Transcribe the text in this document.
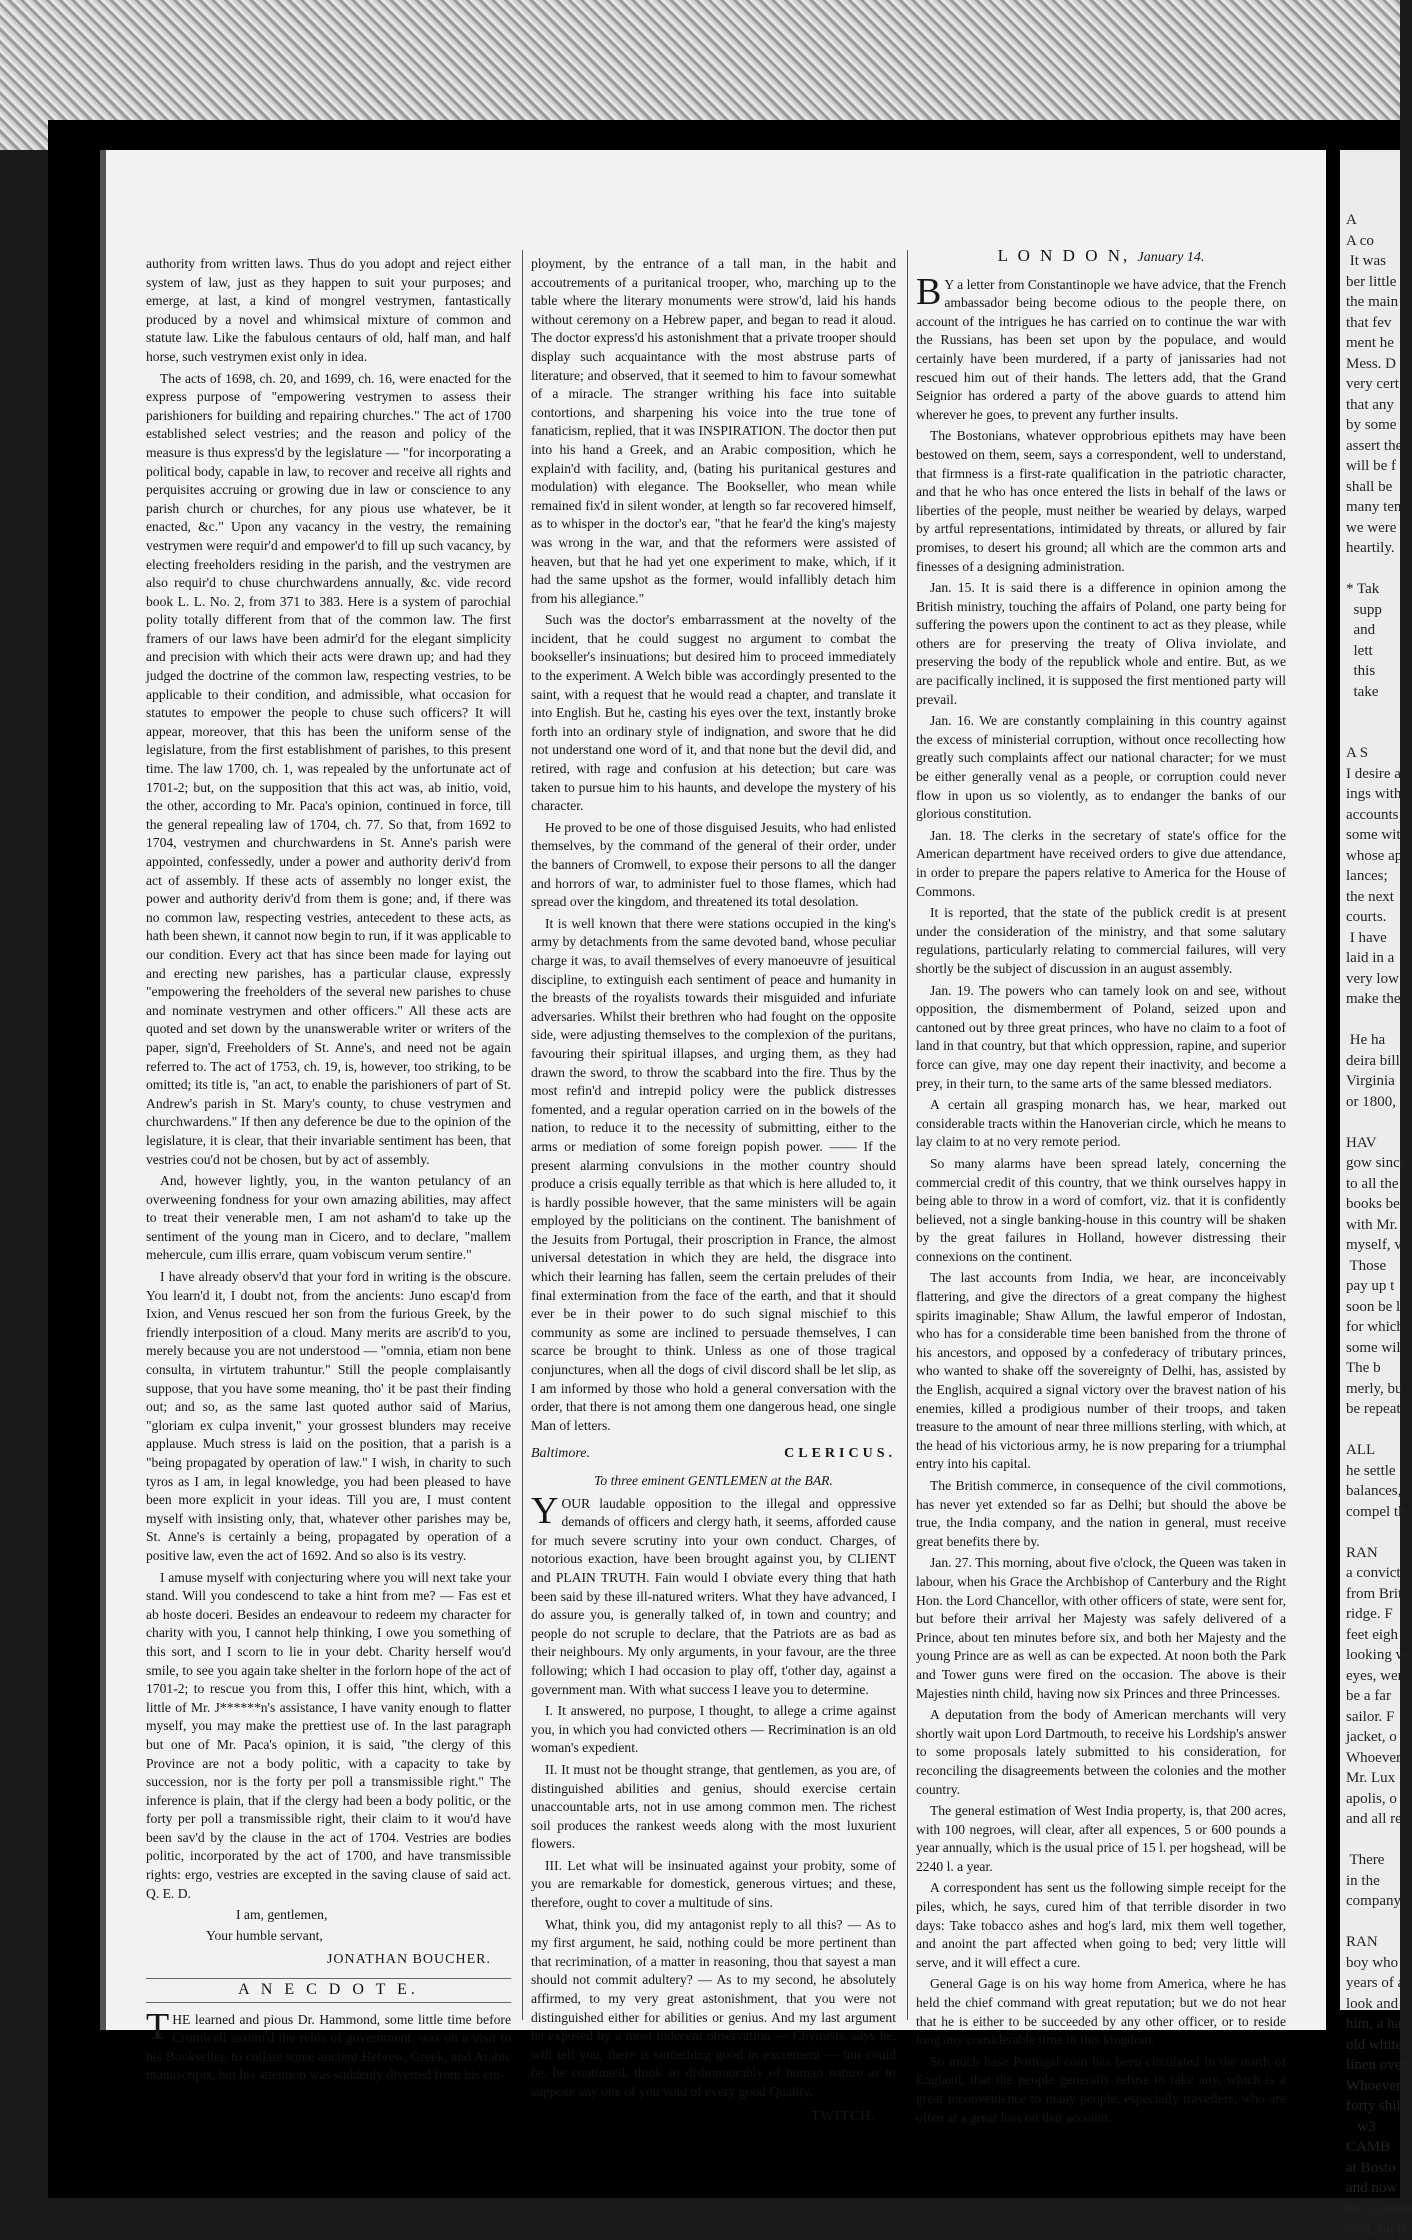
authority from written laws. Thus do you adopt and reject either system of law, just as they happen to suit your purposes; and emerge, at last, a kind of mongrel vestrymen, fantastically produced by a novel and whimsical mixture of common and statute law. Like the fabulous centaurs of old, half man, and half horse, such vestrymen exist only in idea.

The acts of 1698, ch. 20, and 1699, ch. 16, were enacted for the express purpose of "empowering vestrymen to assess their parishioners for building and repairing churches." The act of 1700 established select vestries; and the reason and policy of the measure is thus express'd by the legislature — "for incorporating a political body, capable in law, to recover and receive all rights and perquisites accruing or growing due in law or conscience to any parish church or churches, for any pious use whatever, be it enacted, &c." Upon any vacancy in the vestry, the remaining vestrymen were requir'd and empower'd to fill up such vacancy, by electing freeholders residing in the parish, and the vestrymen are also requir'd to chuse churchwardens annually, &c. vide record book L. L. No. 2, from 371 to 383. Here is a system of parochial polity totally different from that of the common law. The first framers of our laws have been admir'd for the elegant simplicity and precision with which their acts were drawn up; and had they judged the doctrine of the common law, respecting vestries, to be applicable to their condition, and admissible, what occasion for statutes to empower the people to chuse such officers? It will appear, moreover, that this has been the uniform sense of the legislature, from the first establishment of parishes, to this present time. The law 1700, ch. 1, was repealed by the unfortunate act of 1701-2; but, on the supposition that this act was, ab initio, void, the other, according to Mr. Paca's opinion, continued in force, till the general repealing law of 1704, ch. 77. So that, from 1692 to 1704, vestrymen and churchwardens in St. Anne's parish were appointed, confessedly, under a power and authority deriv'd from act of assembly. If these acts of assembly no longer exist, the power and authority deriv'd from them is gone; and, if there was no common law, respecting vestries, antecedent to these acts, as hath been shewn, it cannot now begin to run, if it was applicable to our condition. Every act that has since been made for laying out and erecting new parishes, has a particular clause, expressly "empowering the freeholders of the several new parishes to chuse and nominate vestrymen and other officers." All these acts are quoted and set down by the unanswerable writer or writers of the paper, sign'd, Freeholders of St. Anne's, and need not be again referred to. The act of 1753, ch. 19, is, however, too striking, to be omitted; its title is, "an act, to enable the parishioners of part of St. Andrew's parish in St. Mary's county, to chuse vestrymen and churchwardens." If then any deference be due to the opinion of the legislature, it is clear, that their invariable sentiment has been, that vestries cou'd not be chosen, but by act of assembly.

And, however lightly, you, in the wanton petulancy of an overweening fondness for your own amazing abilities, may affect to treat their venerable men, I am not asham'd to take up the sentiment of the young man in Cicero, and to declare, "mallem mehercule, cum illis errare, quam vobiscum verum sentire."

I have already observ'd that your ford in writing is the obscure. You learn'd it, I doubt not, from the ancients: Juno escap'd from Ixion, and Venus rescued her son from the furious Greek, by the friendly interposition of a cloud. Many merits are ascrib'd to you, merely because you are not understood — "omnia, etiam non bene consulta, in virtutem trahuntur." Still the people complaisantly suppose, that you have some meaning, tho' it be past their finding out; and so, as the same last quoted author said of Marius, "gloriam ex culpa invenit," your grossest blunders may receive applause. Much stress is laid on the position, that a parish is a "being propagated by operation of law." I wish, in charity to such tyros as I am, in legal knowledge, you had been pleased to have been more explicit in your ideas. Till you are, I must content myself with insisting only, that, whatever other parishes may be, St. Anne's is certainly a being, propagated by operation of a positive law, even the act of 1692. And so also is its vestry.

I amuse myself with conjecturing where you will next take your stand. Will you condescend to take a hint from me? — Fas est et ab hoste doceri. Besides an endeavour to redeem my character for charity with you, I cannot help thinking, I owe you something of this sort, and I scorn to lie in your debt. Charity herself wou'd smile, to see you again take shelter in the forlorn hope of the act of 1701-2; to rescue you from this, I offer this hint, which, with a little of Mr. J******n's assistance, I have vanity enough to flatter myself, you may make the prettiest use of. In the last paragraph but one of Mr. Paca's opinion, it is said, "the clergy of this Province are not a body politic, with a capacity to take by succession, nor is the forty per poll a transmissible right." The inference is plain, that if the clergy had been a body politic, or the forty per poll a transmissible right, their claim to it wou'd have been sav'd by the clause in the act of 1704. Vestries are bodies politic, incorporated by the act of 1700, and have transmissible rights: ergo, vestries are excepted in the saving clause of said act. Q. E. D.

I am, gentlemen,
Your humble servant,
JONATHAN BOUCHER.
A N E C D O T E.

THE learned and pious Dr. Hammond, some little time before Cromwell assum'd the reins of government, was on a visit to his Bookseller, to collate some ancient Hebrew, Greek, and Arabic manuscripts, but his attention was suddenly diverted from his em-

ployment, by the entrance of a tall man, in the habit and accoutrements of a puritanical trooper, who, marching up to the table where the literary monuments were strow'd, laid his hands without ceremony on a Hebrew paper, and began to read it aloud. The doctor express'd his astonishment that a private trooper should display such acquaintance with the most abstruse parts of literature; and observed, that it seemed to him to favour somewhat of a miracle. The stranger writhing his face into suitable contortions, and sharpening his voice into the true tone of fanaticism, replied, that it was INSPIRATION. The doctor then put into his hand a Greek, and an Arabic composition, which he explain'd with facility, and, (bating his puritanical gestures and modulation) with elegance. The Bookseller, who mean while remained fix'd in silent wonder, at length so far recovered himself, as to whisper in the doctor's ear, "that he fear'd the king's majesty was wrong in the war, and that the reformers were assisted of heaven, but that he had yet one experiment to make, which, if it had the same upshot as the former, would infallibly detach him from his allegiance."

Such was the doctor's embarrassment at the novelty of the incident, that he could suggest no argument to combat the bookseller's insinuations; but desired him to proceed immediately to the experiment. A Welch bible was accordingly presented to the saint, with a request that he would read a chapter, and translate it into English. But he, casting his eyes over the text, instantly broke forth into an ordinary style of indignation, and swore that he did not understand one word of it, and that none but the devil did, and retired, with rage and confusion at his detection; but care was taken to pursue him to his haunts, and develope the mystery of his character.

He proved to be one of those disguised Jesuits, who had enlisted themselves, by the command of the general of their order, under the banners of Cromwell, to expose their persons to all the danger and horrors of war, to administer fuel to those flames, which had spread over the kingdom, and threatened its total desolation.

It is well known that there were stations occupied in the king's army by detachments from the same devoted band, whose peculiar charge it was, to avail themselves of every manoeuvre of jesuitical discipline, to extinguish each sentiment of peace and humanity in the breasts of the royalists towards their misguided and infuriate adversaries. Whilst their brethren who had fought on the opposite side, were adjusting themselves to the complexion of the puritans, favouring their spiritual illapses, and urging them, as they had drawn the sword, to throw the scabbard into the fire. Thus by the most refin'd and intrepid policy were the publick distresses fomented, and a regular operation carried on in the bowels of the nation, to reduce it to the necessity of submitting, either to the arms or mediation of some foreign popish power. —— If the present alarming convulsions in the mother country should produce a crisis equally terrible as that which is here alluded to, it is hardly possible however, that the same ministers will be again employed by the politicians on the continent. The banishment of the Jesuits from Portugal, their proscription in France, the almost universal detestation in which they are held, the disgrace into which their learning has fallen, seem the certain preludes of their final extermination from the face of the earth, and that it should ever be in their power to do such signal mischief to this community as some are inclined to persuade themselves, I can scarce be brought to think. Unless as one of those tragical conjunctures, when all the dogs of civil discord shall be let slip, as I am informed by those who hold a general conversation with the order, that there is not among them one dangerous head, one single Man of letters.

CLERICUS.
Baltimore.
To three eminent GENTLEMEN at the BAR.

YOUR laudable opposition to the illegal and oppressive demands of officers and clergy hath, it seems, afforded cause for much severe scrutiny into your own conduct. Charges, of notorious exaction, have been brought against you, by CLIENT and PLAIN TRUTH. Fain would I obviate every thing that hath been said by these ill-natured writers. What they have advanced, I do assure you, is generally talked of, in town and country; and people do not scruple to declare, that the Patriots are as bad as their neighbours. My only arguments, in your favour, are the three following; which I had occasion to play off, t'other day, against a government man. With what success I leave you to determine.

I. It answered, no purpose, I thought, to allege a crime against you, in which you had convicted others — Recrimination is an old woman's expedient.

II. It must not be thought strange, that gentlemen, as you are, of distinguished abilities and genius, should exercise certain unaccountable arts, not in use among common men. The richest soil produces the rankest weeds along with the most luxurient flowers.

III. Let what will be insinuated against your probity, some of you are remarkable for domestick, generous virtues; and these, therefore, ought to cover a multitude of sins.

What, think you, did my antagonist reply to all this? — As to my first argument, he said, nothing could be more pertinent than that recrimination, of a matter in reasoning, thou that sayest a man should not commit adultery? — As to my second, he absolutely affirmed, to my very great astonishment, that you were not distinguished either for abilities or genius. And my last argument he exposed by a most indecent observation — Chymists, says he, will tell you, there is something good in excrement — but could he, he continued, think so dishonourably of human nature as to suppose any one of you void of every good Quality.

TWITCH.
L O N D O N, January 14.

BY a letter from Constantinople we have advice, that the French ambassador being become odious to the people there, on account of the intrigues he has carried on to continue the war with the Russians, has been set upon by the populace, and would certainly have been murdered, if a party of janissaries had not rescued him out of their hands. The letters add, that the Grand Seignior has ordered a party of the above guards to attend him wherever he goes, to prevent any further insults.

The Bostonians, whatever opprobrious epithets may have been bestowed on them, seem, says a correspondent, well to understand, that firmness is a first-rate qualification in the patriotic character, and that he who has once entered the lists in behalf of the laws or liberties of the people, must neither be wearied by delays, warped by artful representations, intimidated by threats, or allured by fair promises, to desert his ground; all which are the common arts and finesses of a designing administration.

Jan. 15. It is said there is a difference in opinion among the British ministry, touching the affairs of Poland, one party being for suffering the powers upon the continent to act as they please, while others are for preserving the treaty of Oliva inviolate, and preserving the body of the republick whole and entire. But, as we are pacifically inclined, it is supposed the first mentioned party will prevail.

Jan. 16. We are constantly complaining in this country against the excess of ministerial corruption, without once recollecting how greatly such complaints affect our national character; for we must be either generally venal as a people, or corruption could never flow in upon us so violently, as to endanger the banks of our glorious constitution.

Jan. 18. The clerks in the secretary of state's office for the American department have received orders to give due attendance, in order to prepare the papers relative to America for the House of Commons.

It is reported, that the state of the publick credit is at present under the consideration of the ministry, and that some salutary regulations, particularly relating to commercial failures, will very shortly be the subject of discussion in an august assembly.

Jan. 19. The powers who can tamely look on and see, without opposition, the dismemberment of Poland, seized upon and cantoned out by three great princes, who have no claim to a foot of land in that country, but that which oppression, rapine, and superior force can give, may one day repent their inactivity, and become a prey, in their turn, to the same arts of the same blessed mediators.

A certain all grasping monarch has, we hear, marked out considerable tracts within the Hanoverian circle, which he means to lay claim to at no very remote period.

So many alarms have been spread lately, concerning the commercial credit of this country, that we think ourselves happy in being able to throw in a word of comfort, viz. that it is confidently believed, not a single banking-house in this country will be shaken by the great failures in Holland, however distressing their connexions on the continent.

The last accounts from India, we hear, are inconceivably flattering, and give the directors of a great company the highest spirits imaginable; Shaw Allum, the lawful emperor of Indostan, who has for a considerable time been banished from the throne of his ancestors, and opposed by a confederacy of tributary princes, who wanted to shake off the sovereignty of Delhi, has, assisted by the English, acquired a signal victory over the bravest nation of his enemies, killed a prodigious number of their troops, and taken treasure to the amount of near three millions sterling, with which, at the head of his victorious army, he is now preparing for a triumphal entry into his capital.

The British commerce, in consequence of the civil commotions, has never yet extended so far as Delhi; but should the above be true, the India company, and the nation in general, must receive great benefits there by.

Jan. 27. This morning, about five o'clock, the Queen was taken in labour, when his Grace the Archbishop of Canterbury and the Right Hon. the Lord Chancellor, with other officers of state, were sent for, but before their arrival her Majesty was safely delivered of a Prince, about ten minutes before six, and both her Majesty and the young Prince are as well as can be expected. At noon both the Park and Tower guns were fired on the occasion. The above is their Majesties ninth child, having now six Princes and three Princesses.

A deputation from the body of American merchants will very shortly wait upon Lord Dartmouth, to receive his Lordship's answer to some proposals lately submitted to his consideration, for reconciling the disagreements between the colonies and the mother country.

The general estimation of West India property, is, that 200 acres, with 100 negroes, will clear, after all expences, 5 or 600 pounds a year annually, which is the usual price of 15 l. per hogshead, will be 2240 l. a year.

A correspondent has sent us the following simple receipt for the piles, which, he says, cured him of that terrible disorder in two days: Take tobacco ashes and hog's lard, mix them well together, and anoint the part affected when going to bed; very little will serve, and it will effect a cure.

General Gage is on his way home from America, where he has held the chief command with great reputation; but we do not hear that he is either to be succeeded by any other officer, or to reside long any considerable time in this kingdom.

So much base Portugal coin has been circulated in the north of England, that the people generally refuse to take any, which is a great inconvenience to many people, especially travellers, who are often at a great loss on that account.

A
A co
It was
ber little
the main
that fev
ment he
Mess. D
very cert
that any
by some
assert the
will be f
shall be
many ten
we were
heartily.

* Tak
supp
and
lett
this
take

A S
I desire a
ings with
accounts
some wit
whose ap
lances;
the next
courts.
I have
laid in a
very low
make the

He ha
deira bill
Virginia
or 1800,

HAV
gow since
to all the
books be
with Mr.
myself, v
Those
pay up t
soon be l
for which
some wil
The b
merly, bu
be repeat

ALL
he settle
balances,
compel th

RAN
a convict
from Brit
ridge. F
feet eigh
looking w
eyes, wer
be a far
sailor. F
jacket, o
Whoever
Mr. Lux
apolis, o
and all re

There
in the
company.

RAN
boy who
years of a
look and
him, a ha
old white
linen over
Whoever
forty shill
w3
CAMB
at Bosto
and now
the Corone
sion, on p
